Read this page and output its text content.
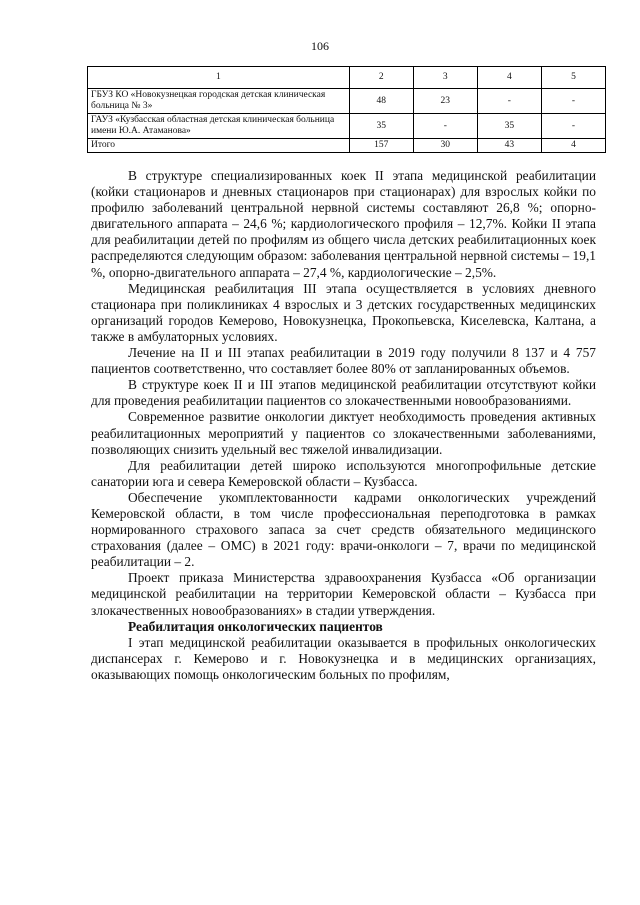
106
1	2	3	4	5
ГБУЗ КО «Новокузнецкая городская детская клиническая больница № 3»	48	23	-	-
ГАУЗ «Кузбасская областная детская клиническая больница имени Ю.А. Атаманова»	35	-	35	-
Итого	157	30	43	4

В структуре специализированных коек II этапа медицинской реабилитации (койки стационаров и дневных стационаров при стационарах) для взрослых койки по профилю заболеваний центральной нервной системы составляют 26,8 %; опорно-двигательного аппарата – 24,6 %; кардиологического профиля – 12,7%. Койки II этапа для реабилитации детей по профилям из общего числа детских реабилитационных коек распределяются следующим образом: заболевания центральной нервной системы – 19,1 %, опорно-двигательного аппарата – 27,4 %, кардиологические – 2,5%.

Медицинская реабилитация III этапа осуществляется в условиях дневного стационара при поликлиниках 4 взрослых и 3 детских государственных медицинских организаций городов Кемерово, Новокузнецка, Прокопьевска, Киселевска, Калтана, а также в амбулаторных условиях.

Лечение на II и III этапах реабилитации в 2019 году получили 8 137 и 4 757 пациентов соответственно, что составляет более 80% от запланированных объемов.

В структуре коек II и III этапов медицинской реабилитации отсутствуют койки для проведения реабилитации пациентов со злокачественными новообразованиями.

Современное развитие онкологии диктует необходимость проведения активных реабилитационных мероприятий у пациентов со злокачественными заболеваниями, позволяющих снизить удельный вес тяжелой инвалидизации.

Для реабилитации детей широко используются многопрофильные детские санатории юга и севера Кемеровской области – Кузбасса.

Обеспечение укомплектованности кадрами онкологических учреждений Кемеровской области, в том числе профессиональная переподготовка в рамках нормированного страхового запаса за счет средств обязательного медицинского страхования (далее – ОМС) в 2021 году: врачи-онкологи – 7, врачи по медицинской реабилитации – 2.

Проект приказа Министерства здравоохранения Кузбасса «Об организации медицинской реабилитации на территории Кемеровской области – Кузбасса при злокачественных новообразованиях» в стадии утверждения.

Реабилитация онкологических пациентов

I этап медицинской реабилитации оказывается в профильных онкологических диспансерах г. Кемерово и г. Новокузнецка и в медицинских организациях, оказывающих помощь онкологическим больных по профилям,
